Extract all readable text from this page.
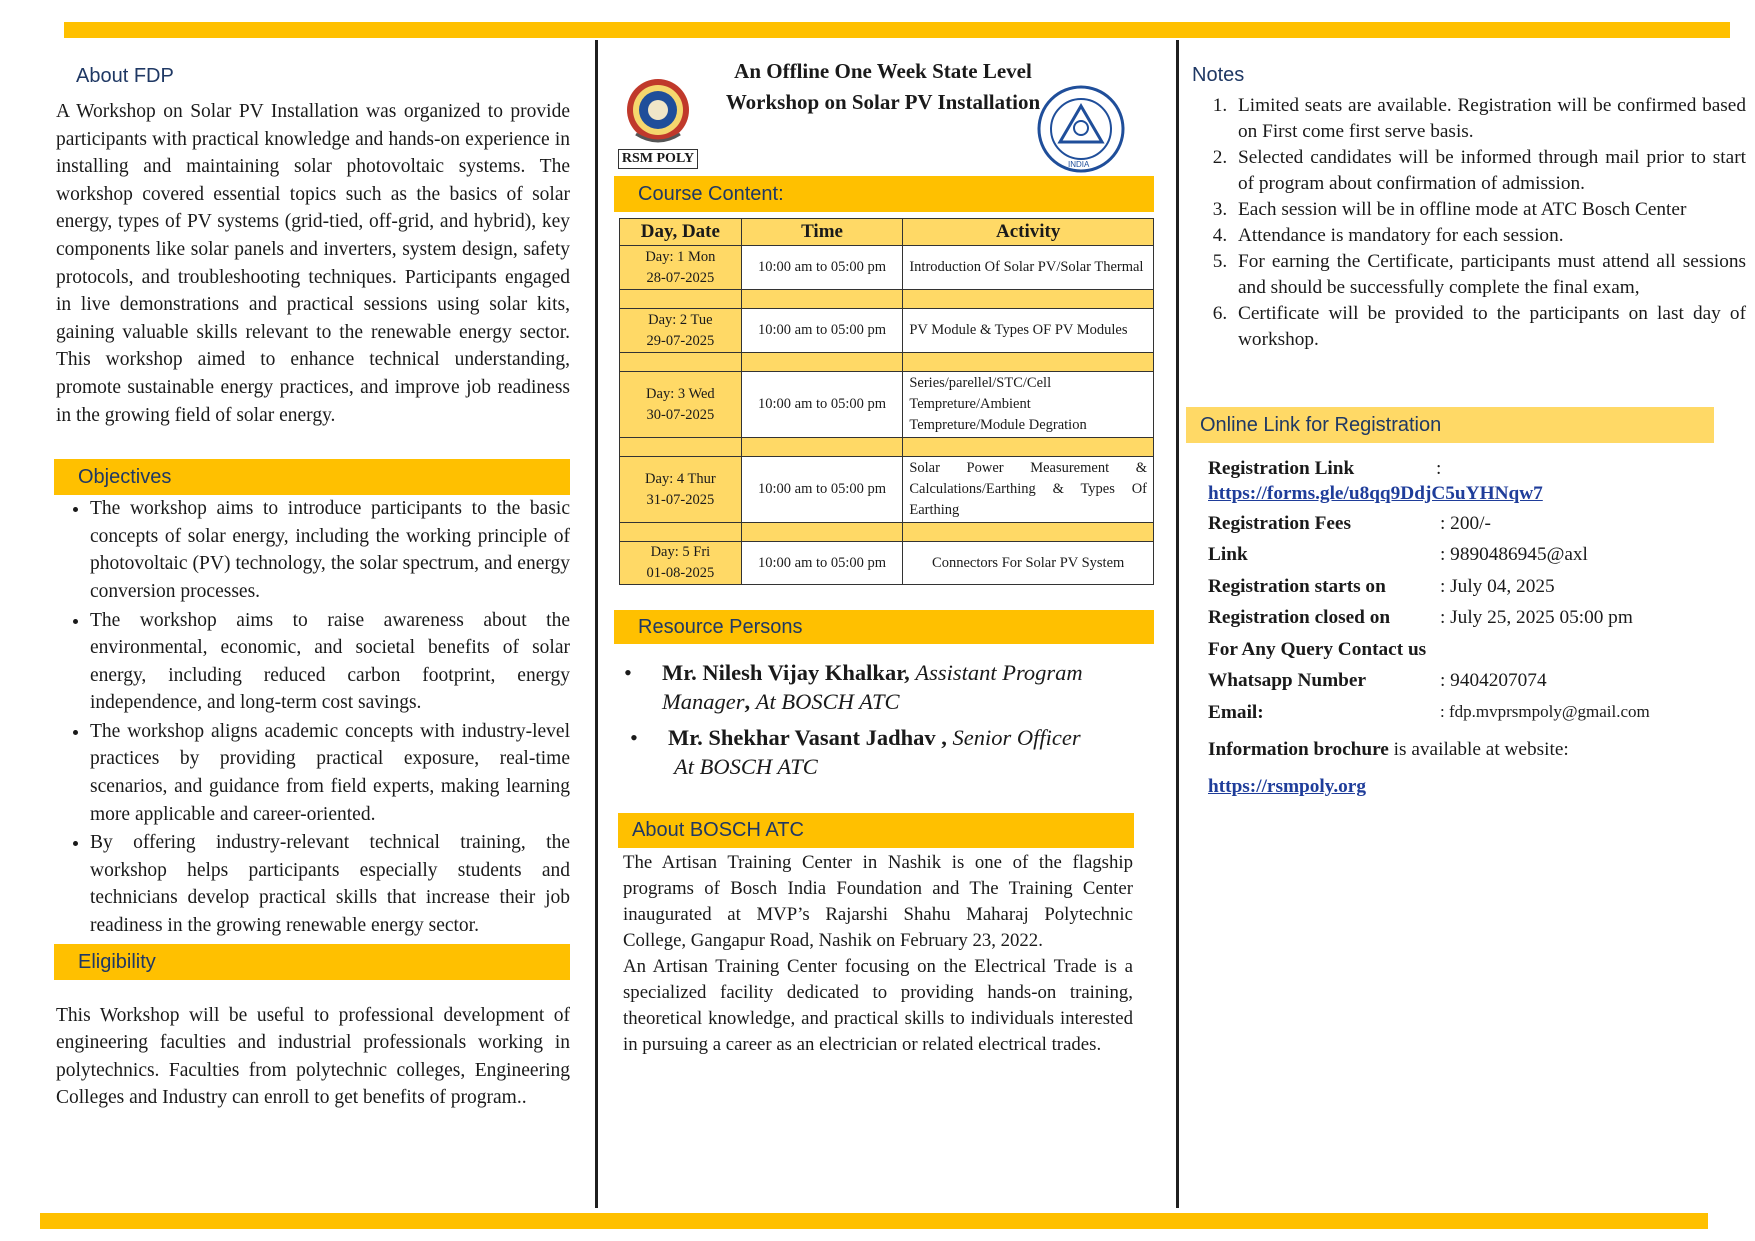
About FDP

A Workshop on Solar PV Installation was organized to provide participants with practical knowledge and hands-on experience in installing and maintaining solar photovoltaic systems. The workshop covered essential topics such as the basics of solar energy, types of PV systems (grid-tied, off-grid, and hybrid), key components like solar panels and inverters, system design, safety protocols, and troubleshooting techniques. Participants engaged in live demonstrations and practical sessions using solar kits, gaining valuable skills relevant to the renewable energy sector. This workshop aimed to enhance technical understanding, promote sustainable energy practices, and improve job readiness in the growing field of solar energy.

Objectives
• The workshop aims to introduce participants to the basic concepts of solar energy, including the working principle of photovoltaic (PV) technology, the solar spectrum, and energy conversion processes.
• The workshop aims to raise awareness about the environmental, economic, and societal benefits of solar energy, including reduced carbon footprint, energy independence, and long-term cost savings.
• The workshop aligns academic concepts with industry-level practices by providing practical exposure, real-time scenarios, and guidance from field experts, making learning more applicable and career-oriented.
• By offering industry-relevant technical training, the workshop helps participants especially students and technicians develop practical skills that increase their job readiness in the growing renewable energy sector.
Eligibility

This Workshop will be useful to professional development of engineering faculties and industrial professionals working in polytechnics. Faculties from polytechnic colleges, Engineering Colleges and Industry can enroll to get benefits of program..

RSM POLY
An Offline One Week State Level Workshop on Solar PV Installation
INDIA
Course Content:
Day, Date	Time	Activity
Day: 1 Mon
28-07-2025	10:00 am to 05:00 pm	Introduction Of Solar PV/Solar Thermal

Day: 2 Tue
29-07-2025	10:00 am to 05:00 pm	PV Module & Types OF PV Modules

Day: 3 Wed
30-07-2025	10:00 am to 05:00 pm	Series/parellel/STC/Cell Tempreture/Ambient Tempreture/Module Degration

Day: 4 Thur
31-07-2025	10:00 am to 05:00 pm	Solar Power Measurement & Calculations/Earthing & Types Of Earthing

Day: 5 Fri
01-08-2025	10:00 am to 05:00 pm	Connectors For Solar PV System
Resource Persons
• Mr. Nilesh Vijay Khalkar, Assistant Program Manager, At BOSCH ATC
• Mr. Shekhar Vasant Jadhav , Senior Officer
At BOSCH ATC
About BOSCH ATC

The Artisan Training Center in Nashik is one of the flagship programs of Bosch India Foundation and The Training Center inaugurated at MVP’s Rajarshi Shahu Maharaj Polytechnic College, Gangapur Road, Nashik on February 23, 2022.

An Artisan Training Center focusing on the Electrical Trade is a specialized facility dedicated to providing hands-on training, theoretical knowledge, and practical skills to individuals interested in pursuing a career as an electrician or related electrical trades.

Notes
1. Limited seats are available. Registration will be confirmed based on First come first serve basis.
2. Selected candidates will be informed through mail prior to start of program about confirmation of admission.
3. Each session will be in offline mode at ATC Bosch Center
4. Attendance is mandatory for each session.
5. For earning the Certificate, participants must attend all sessions and should be successfully complete the final exam,
6. Certificate will be provided to the participants on last day of workshop.
Online Link for Registration
Registration Link	:
https://forms.gle/u8qq9DdjC5uYHNqw7
Registration Fees	: 200/-
Link	: 9890486945@axl
Registration starts on	: July 04, 2025
Registration closed on	: July 25, 2025 05:00 pm
For Any Query Contact us
Whatsapp Number	: 9404207074
Email:	: fdp.mvprsmpoly@gmail.com
Information brochure is available at website:
https://rsmpoly.org
